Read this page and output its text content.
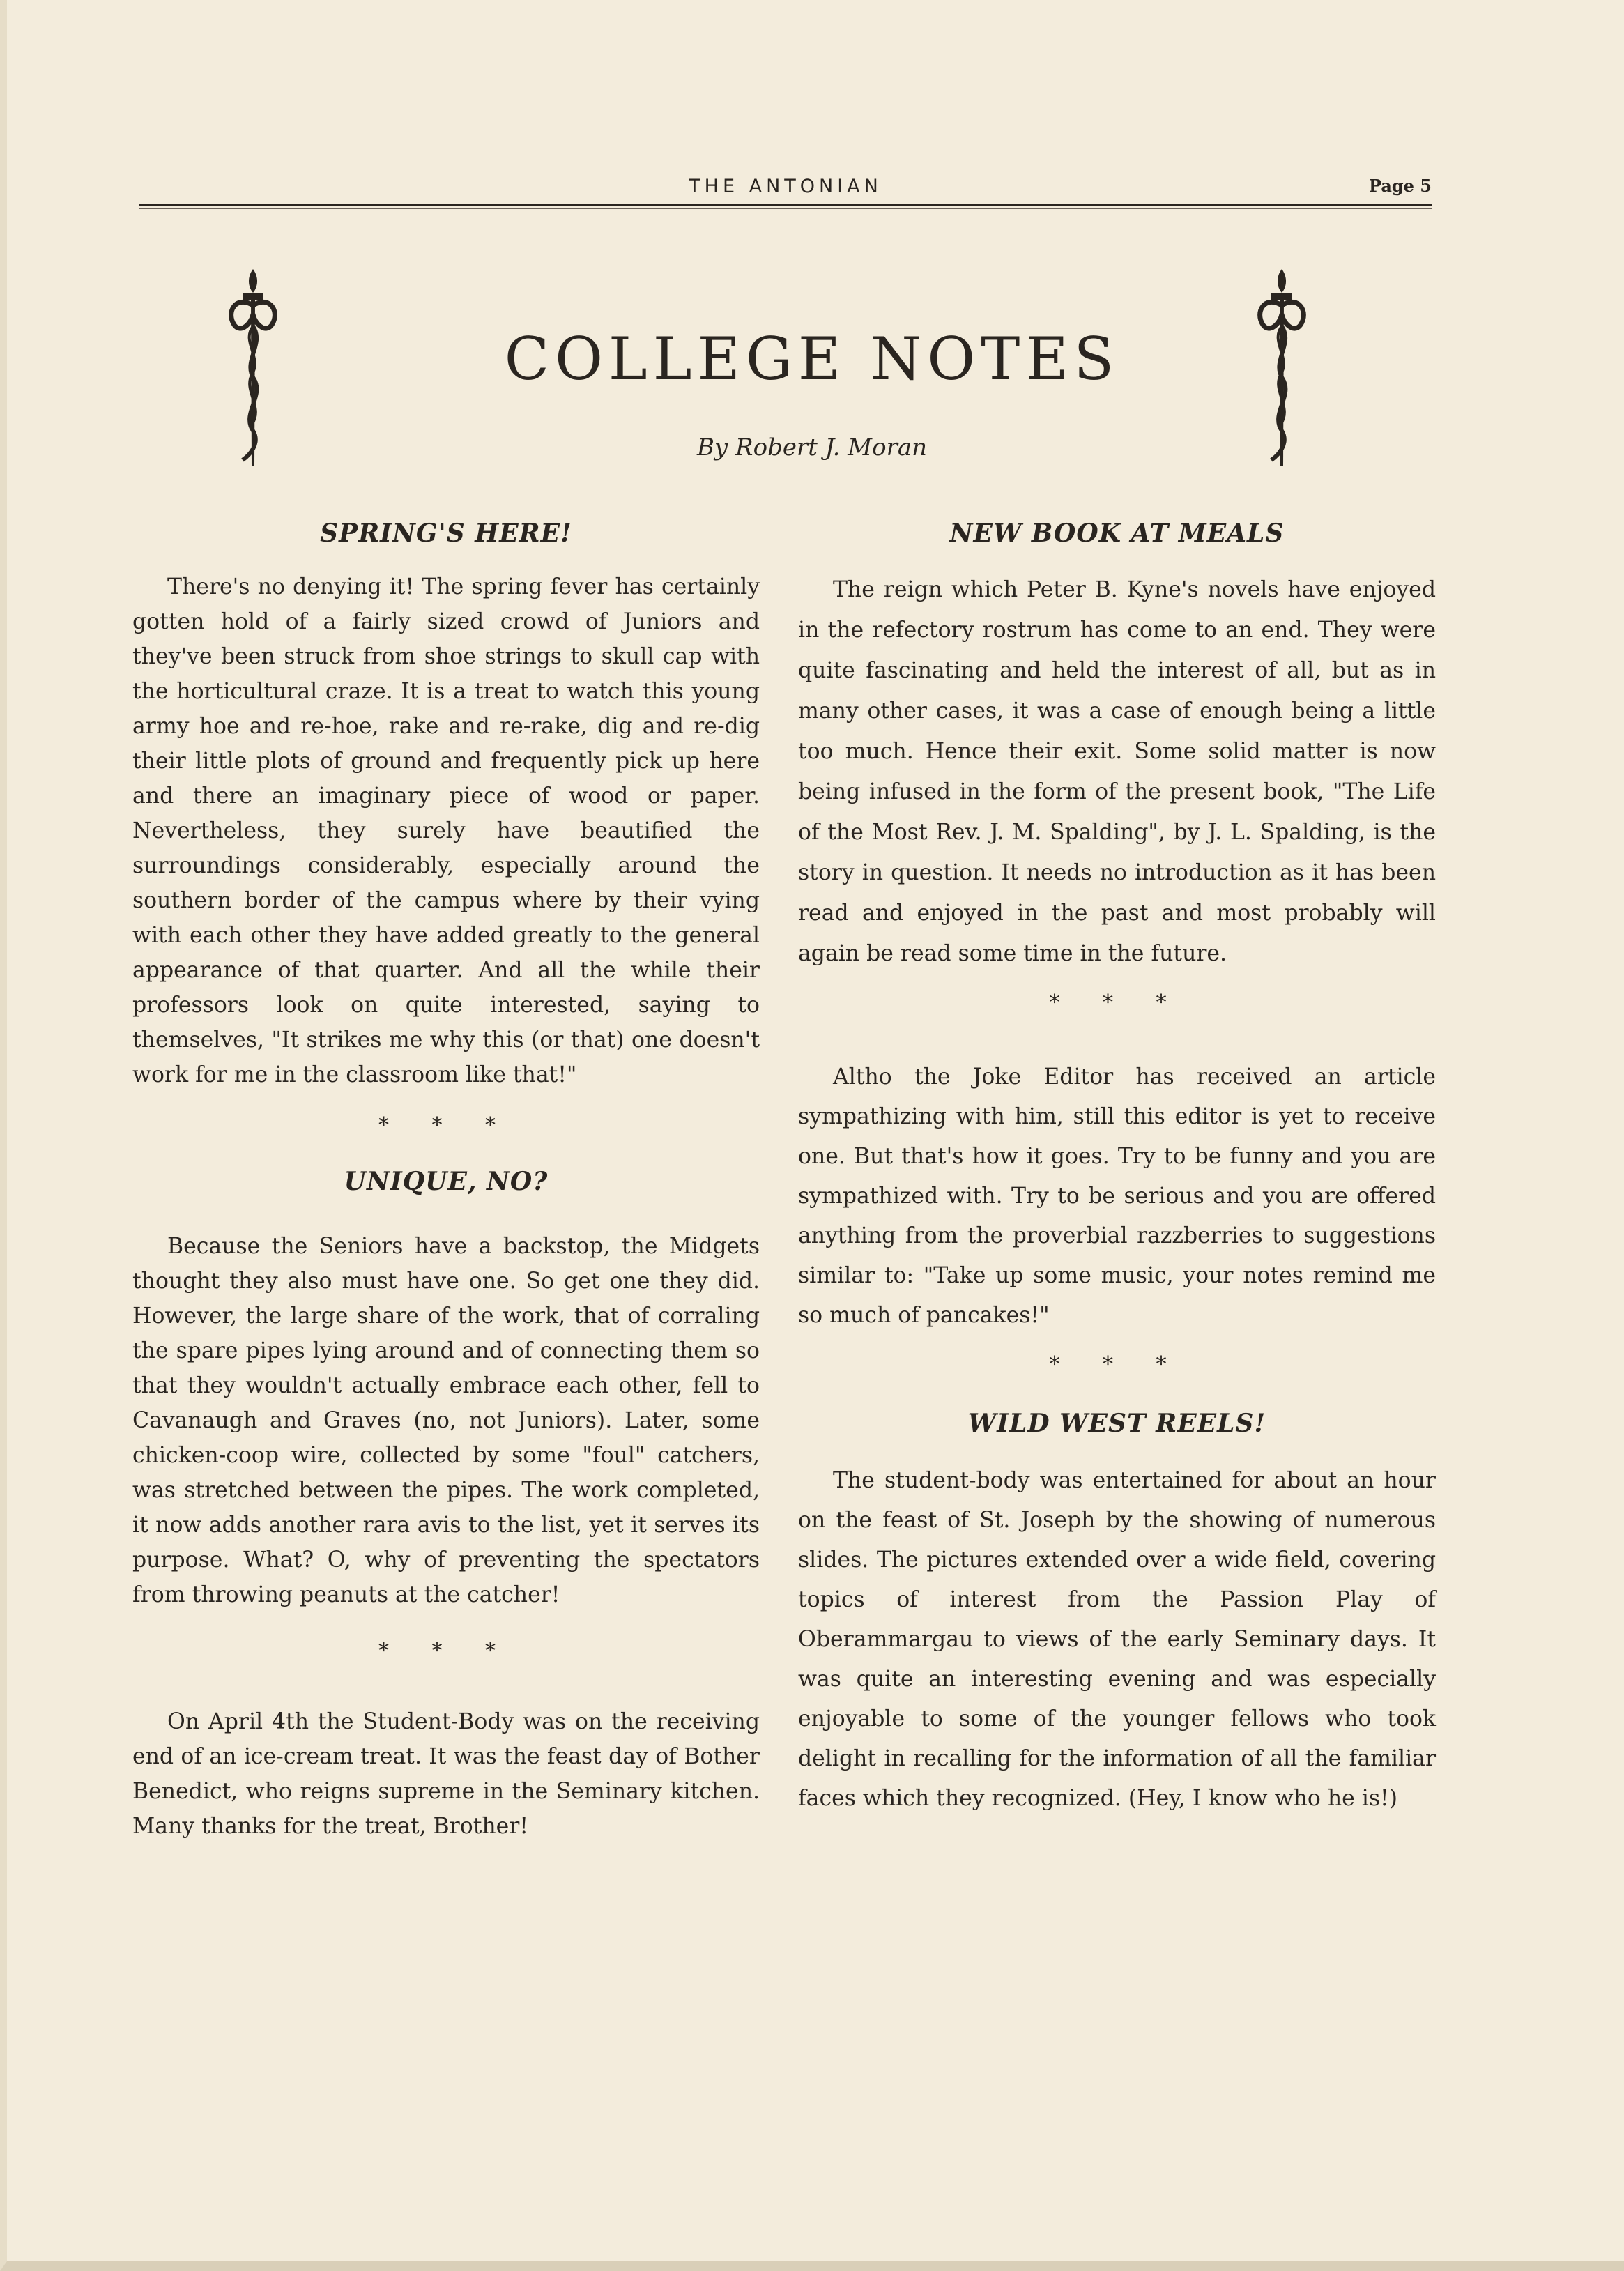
THE ANTONIAN	Page 5
COLLEGE NOTES
By Robert J. Moran
SPRING'S HERE!

There's no denying it! The spring fever has certainly gotten hold of a fairly sized crowd of Juniors and they've been struck from shoe strings to skull cap with the horticultural craze. It is a treat to watch this young army hoe and re-hoe, rake and re-rake, dig and re-dig their little plots of ground and frequently pick up here and there an imaginary piece of wood or paper. Nevertheless, they surely have beautified the surroundings considerably, especially around the southern border of the campus where by their vying with each other they have added greatly to the general appearance of that quarter. And all the while their professors look on quite interested, saying to themselves, "It strikes me why this (or that) one doesn't work for me in the classroom like that!"

* * *
UNIQUE, NO?

Because the Seniors have a backstop, the Midgets thought they also must have one. So get one they did. However, the large share of the work, that of corraling the spare pipes lying around and of connecting them so that they wouldn't actually embrace each other, fell to Cavanaugh and Graves (no, not Juniors). Later, some chicken-coop wire, collected by some "foul" catchers, was stretched between the pipes. The work completed, it now adds another rara avis to the list, yet it serves its purpose. What? O, why of preventing the spectators from throwing peanuts at the catcher!

* * *

On April 4th the Student-Body was on the receiving end of an ice-cream treat. It was the feast day of Bother Benedict, who reigns supreme in the Seminary kitchen. Many thanks for the treat, Brother!

NEW BOOK AT MEALS

The reign which Peter B. Kyne's novels have enjoyed in the refectory rostrum has come to an end. They were quite fascinating and held the interest of all, but as in many other cases, it was a case of enough being a little too much. Hence their exit. Some solid matter is now being infused in the form of the present book, "The Life of the Most Rev. J. M. Spalding", by J. L. Spalding, is the story in question. It needs no introduction as it has been read and enjoyed in the past and most probably will again be read some time in the future.

* * *

Altho the Joke Editor has received an article sympathizing with him, still this editor is yet to receive one. But that's how it goes. Try to be funny and you are sympathized with. Try to be serious and you are offered anything from the proverbial razzberries to suggestions similar to: "Take up some music, your notes remind me so much of pancakes!"

* * *
WILD WEST REELS!

The student-body was entertained for about an hour on the feast of St. Joseph by the showing of numerous slides. The pictures extended over a wide field, covering topics of interest from the Passion Play of Oberammargau to views of the early Seminary days. It was quite an interesting evening and was especially enjoyable to some of the younger fellows who took delight in recalling for the information of all the familiar faces which they recognized. (Hey, I know who he is!)
